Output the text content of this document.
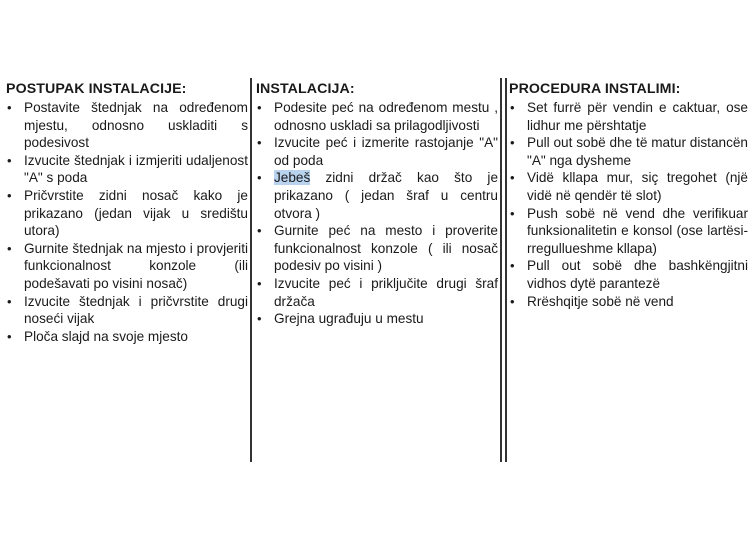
POSTUPAK INSTALACIJE:
• Postavite štednjak na određenom mjestu, odnosno uskladiti s podesivost
• Izvucite štednjak i izmjeriti udaljenost "A" s poda
• Pričvrstite zidni nosač kako je prikazano (jedan vijak u središtu utora)
• Gurnite štednjak na mjesto i provjeriti funkcionalnost konzole (ili podešavati po visini nosač)
• Izvucite štednjak i pričvrstite drugi noseći vijak
• Ploča slajd na svoje mjesto
INSTALACIJA:
• Podesite peć na određenom mestu , odnosno uskladi sa prilagodljivosti
• Izvucite peć i izmerite rastojanje "A" od poda
• Jebeš zidni držač kao što je prikazano ( jedan šraf u centru otvora )
• Gurnite peć na mesto i proverite funkcionalnost konzole ( ili nosač podesiv po visini )
• Izvucite peć i priključite drugi šraf držača
• Grejna ugrađuju u mestu
PROCEDURA INSTALIMI:
• Set furrë për vendin e caktuar, ose lidhur me përshtatje
• Pull out sobë dhe të matur distancën "A" nga dysheme
• Vidë kllapa mur, siç tregohet (një vidë në qendër të slot)
• Push sobë në vend dhe verifikuar funksionalitetin e konsol (ose lartësi-rregullueshme kllapa)
• Pull out sobë dhe bashkëngjitni vidhos dytë parantezë
• Rrëshqitje sobë në vend
